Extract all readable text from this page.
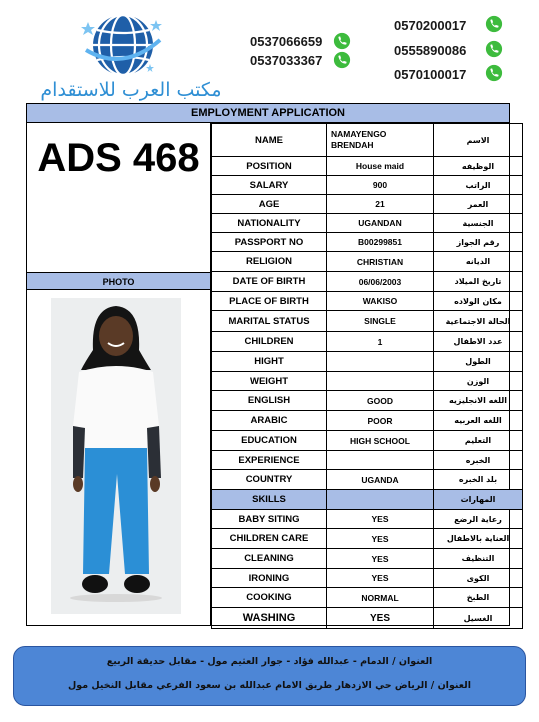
مكتب العرب للاستقدام
0537066659
0537033367
0570200017
0555890086
0570100017
EMPLOYMENT APPLICATION
ADS 468
PHOTO
NAME	NAMAYENGO BRENDAH	الاسم
POSITION	House maid	الوظيفه
SALARY	900	الراتب
AGE	21	العمر
NATIONALITY	UGANDAN	الجنسية
PASSPORT NO	B00299851	رقم الجواز
RELIGION	CHRISTIAN	الديانه
DATE OF BIRTH	06/06/2003	تاريخ الميلاد
PLACE OF BIRTH	WAKISO	مكان الولاده
MARITAL STATUS	SINGLE	الحالة الاجتماعية
CHILDREN	1	عدد الاطفال
HIGHT		الطول
WEIGHT		الوزن
ENGLISH	GOOD	اللغه الانجليزيه
ARABIC	POOR	اللغه العربيه
EDUCATION	HIGH SCHOOL	التعليم
EXPERIENCE		الخبره
COUNTRY	UGANDA	بلد الخبره
SKILLS		المهارات
BABY SITING	YES	رعاية الرضع
CHILDREN CARE	YES	العناية بالاطفال
CLEANING	YES	التنظيف
IRONING	YES	الكوى
COOKING	NORMAL	الطبخ
WASHING	YES	الغسيل
العنوان / الدمام - عبدالله فؤاد - جوار العثيم مول - مقابل حديقة الربيع
العنوان / الرياض حي الازدهار طريق الامام عبدالله بن سعود الفرعي مقابل النخيل مول
